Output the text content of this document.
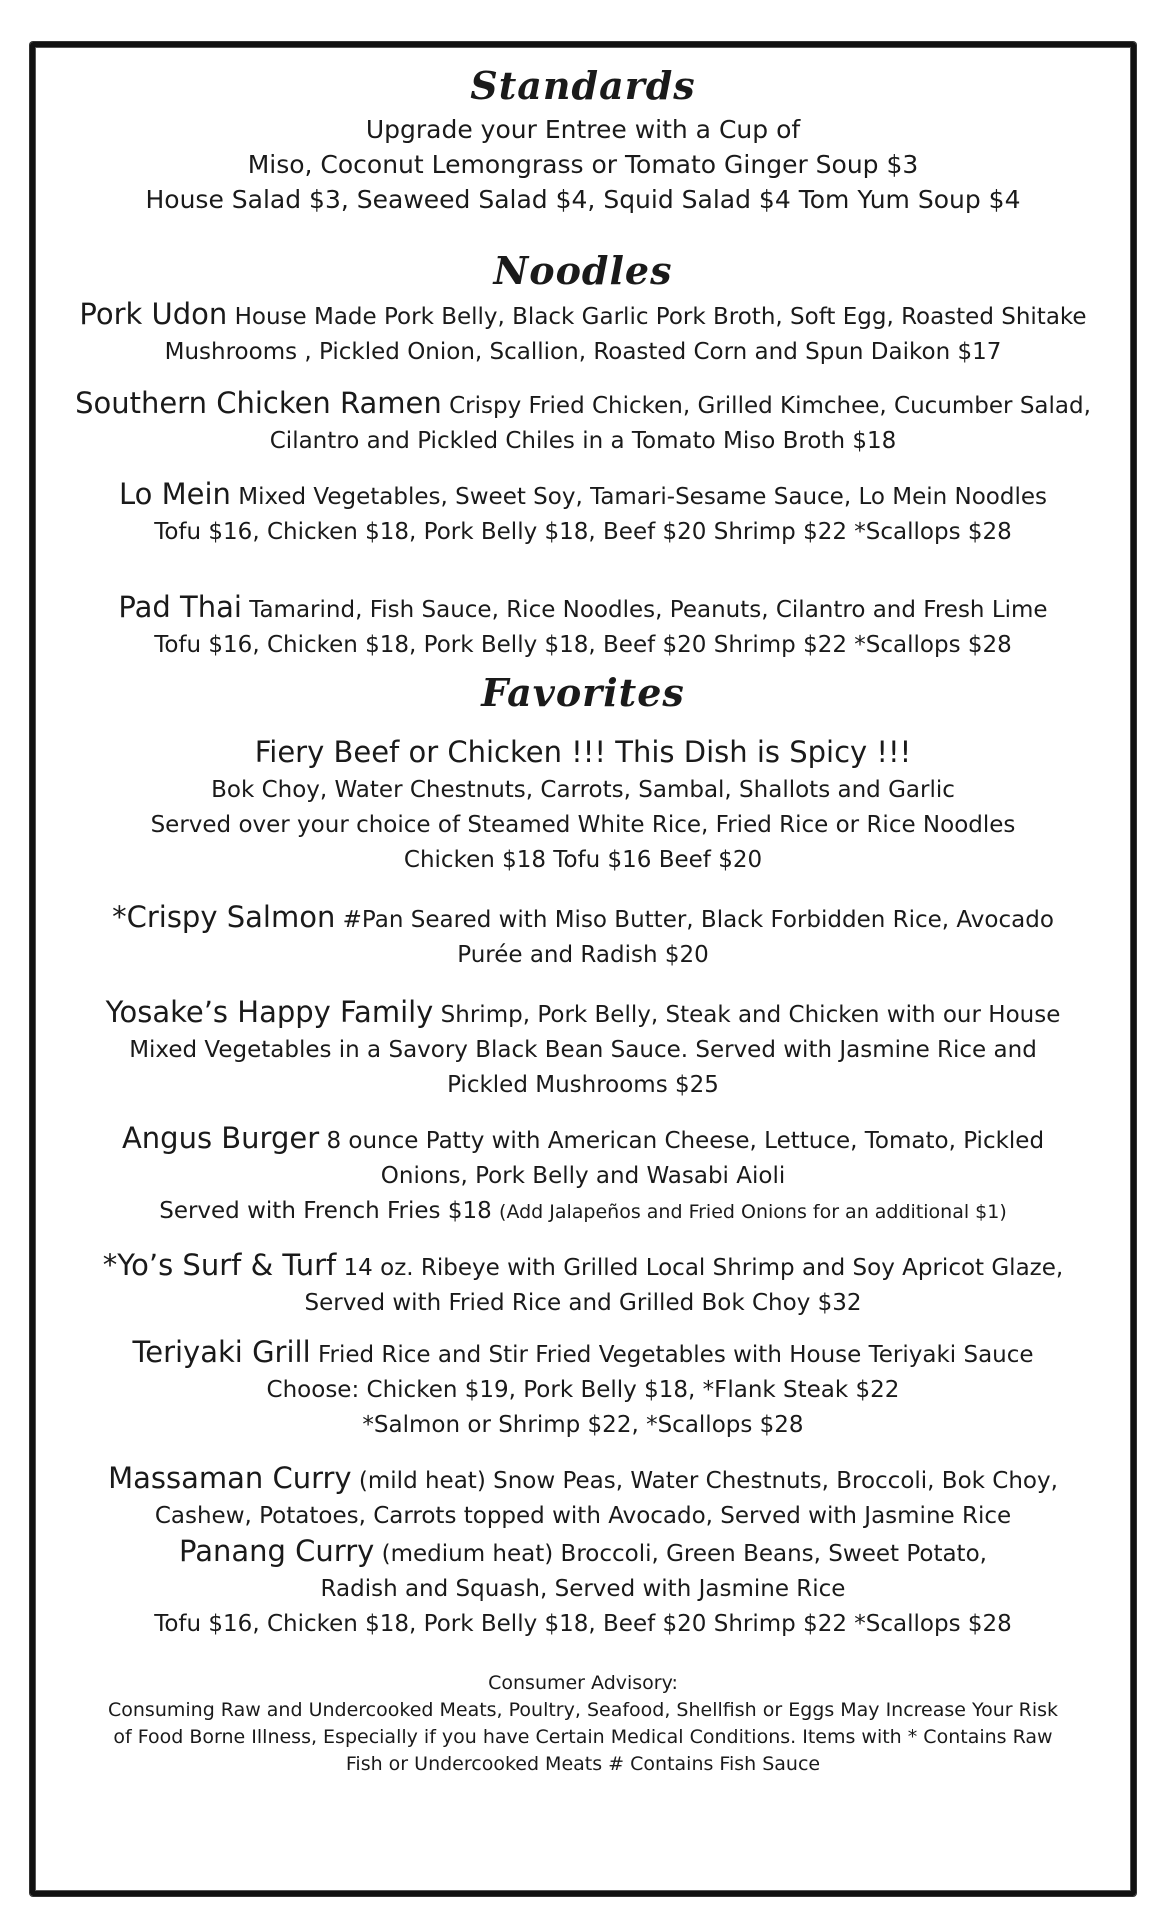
Standards

Upgrade your Entree with a Cup of

Miso, Coconut Lemongrass or Tomato Ginger Soup $3

House Salad $3, Seaweed Salad $4, Squid Salad $4 Tom Yum Soup $4

Noodles

Pork Udon House Made Pork Belly, Black Garlic Pork Broth, Soft Egg, Roasted Shitake

Mushrooms , Pickled Onion, Scallion, Roasted Corn and Spun Daikon $17

Southern Chicken Ramen Crispy Fried Chicken, Grilled Kimchee, Cucumber Salad,

Cilantro and Pickled Chiles in a Tomato Miso Broth $18

Lo Mein Mixed Vegetables, Sweet Soy, Tamari-Sesame Sauce, Lo Mein Noodles

Tofu $16, Chicken $18, Pork Belly $18, Beef $20 Shrimp $22 *Scallops $28

Pad Thai Tamarind, Fish Sauce, Rice Noodles, Peanuts, Cilantro and Fresh Lime

Tofu $16, Chicken $18, Pork Belly $18, Beef $20 Shrimp $22 *Scallops $28

Favorites

Fiery Beef or Chicken !!! This Dish is Spicy !!!

Bok Choy, Water Chestnuts, Carrots, Sambal, Shallots and Garlic

Served over your choice of Steamed White Rice, Fried Rice or Rice Noodles

Chicken $18 Tofu $16 Beef $20

*Crispy Salmon #Pan Seared with Miso Butter, Black Forbidden Rice, Avocado

Purée and Radish $20

Yosake’s Happy Family Shrimp, Pork Belly, Steak and Chicken with our House

Mixed Vegetables in a Savory Black Bean Sauce. Served with Jasmine Rice and

Pickled Mushrooms $25

Angus Burger 8 ounce Patty with American Cheese, Lettuce, Tomato, Pickled

Onions, Pork Belly and Wasabi Aioli

Served with French Fries $18 (Add Jalapeños and Fried Onions for an additional $1)

*Yo’s Surf & Turf 14 oz. Ribeye with Grilled Local Shrimp and Soy Apricot Glaze,

Served with Fried Rice and Grilled Bok Choy $32

Teriyaki Grill Fried Rice and Stir Fried Vegetables with House Teriyaki Sauce

Choose: Chicken $19, Pork Belly $18, *Flank Steak $22

*Salmon or Shrimp $22, *Scallops $28

Massaman Curry (mild heat) Snow Peas, Water Chestnuts, Broccoli, Bok Choy,

Cashew, Potatoes, Carrots topped with Avocado, Served with Jasmine Rice

Panang Curry (medium heat) Broccoli, Green Beans, Sweet Potato,

Radish and Squash, Served with Jasmine Rice

Tofu $16, Chicken $18, Pork Belly $18, Beef $20 Shrimp $22 *Scallops $28

Consumer Advisory:

Consuming Raw and Undercooked Meats, Poultry, Seafood, Shellfish or Eggs May Increase Your Risk

of Food Borne Illness, Especially if you have Certain Medical Conditions. Items with * Contains Raw

Fish or Undercooked Meats # Contains Fish Sauce
